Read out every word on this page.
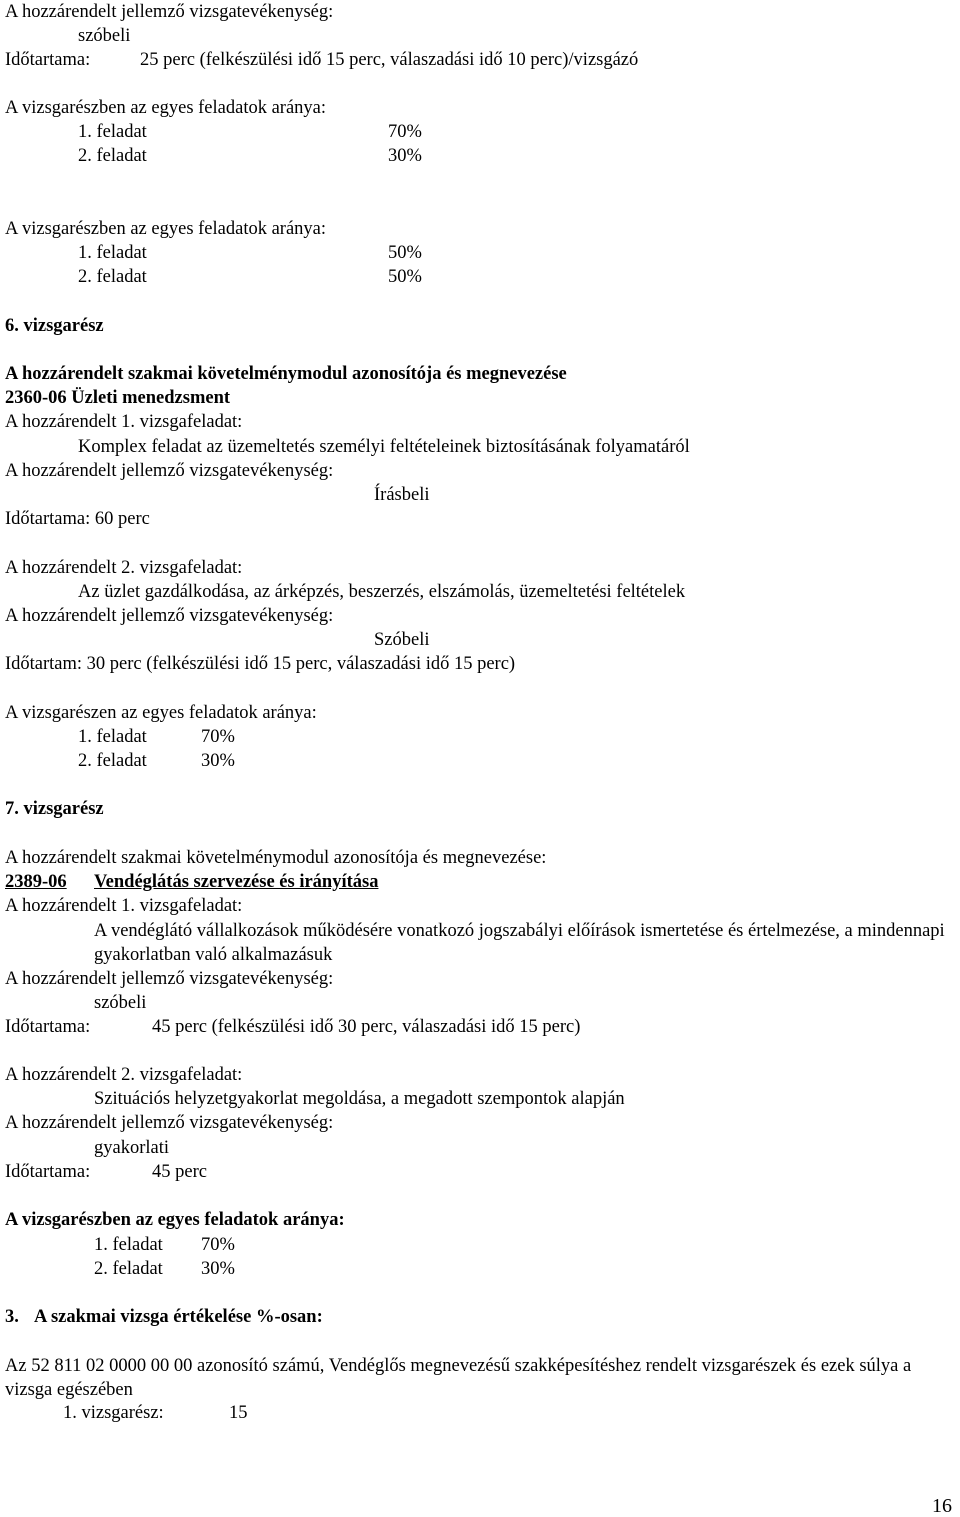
A hozzárendelt jellemző vizsgatevékenység:
szóbeli
Időtartama:	25 perc (felkészülési idő 15 perc, válaszadási idő 10 perc)/vizsgázó
A vizsgarészben az egyes feladatok aránya:
1. feladat	70%
2. feladat	30%
A vizsgarészben az egyes feladatok aránya:
1. feladat	50%
2. feladat	50%
6. vizsgarész
A hozzárendelt szakmai követelménymodul azonosítója és megnevezése
2360-06 Üzleti menedzsment
A hozzárendelt 1. vizsgafeladat:
Komplex feladat az üzemeltetés személyi feltételeinek biztosításának folyamatáról
A hozzárendelt jellemző vizsgatevékenység:
Írásbeli
Időtartama: 60 perc
A hozzárendelt 2. vizsgafeladat:
Az üzlet gazdálkodása, az árképzés, beszerzés, elszámolás, üzemeltetési feltételek
A hozzárendelt jellemző vizsgatevékenység:
Szóbeli
Időtartam: 30 perc (felkészülési idő 15 perc, válaszadási idő 15 perc)
A vizsgarészen az egyes feladatok aránya:
1. feladat	70%
2. feladat	30%
7. vizsgarész
A hozzárendelt szakmai követelménymodul azonosítója és megnevezése:
2389-06 Vendéglátás szervezése és irányítása
A hozzárendelt 1. vizsgafeladat:
A vendéglátó vállalkozások működésére vonatkozó jogszabályi előírások ismertetése és értelmezése, a mindennapi gyakorlatban való alkalmazásuk
A hozzárendelt jellemző vizsgatevékenység:
szóbeli
Időtartama:	45 perc (felkészülési idő 30 perc, válaszadási idő 15 perc)
A hozzárendelt 2. vizsgafeladat:
Szituációs helyzetgyakorlat megoldása, a megadott szempontok alapján
A hozzárendelt jellemző vizsgatevékenység:
gyakorlati
Időtartama:	45 perc
A vizsgarészben az egyes feladatok aránya:
1. feladat 70%
2. feladat 30%
3. A szakmai vizsga értékelése %-osan:
Az 52 811 02 0000 00 00 azonosító számú, Vendéglős megnevezésű szakképesítéshez rendelt vizsgarészek és ezek súlya a vizsga egészében
1. vizsgarész:	15
16
